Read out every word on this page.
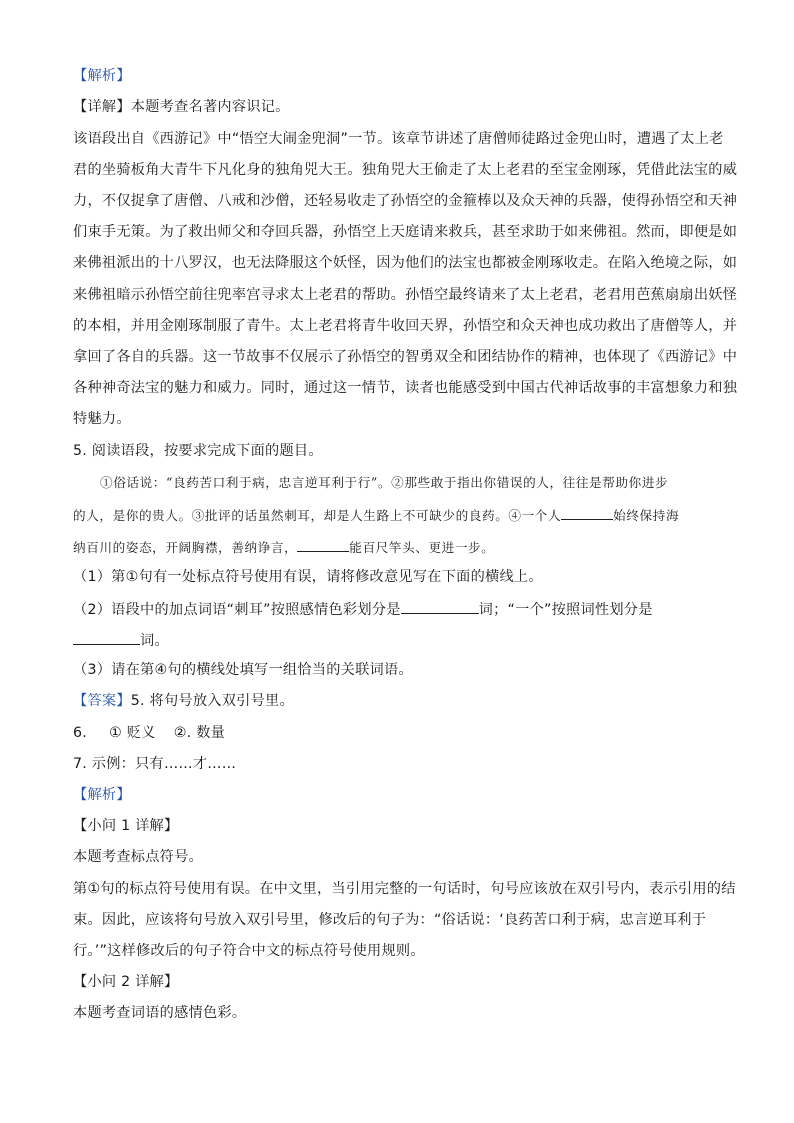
【解析】
【详解】本题考查名著内容识记。
该语段出自《西游记》中“悟空大闹金兜洞”一节。该章节讲述了唐僧师徒路过金兜山时，遭遇了太上老
君的坐骑板角大青牛下凡化身的独角兕大王。独角兕大王偷走了太上老君的至宝金刚琢，凭借此法宝的威
力，不仅捉拿了唐僧、八戒和沙僧，还轻易收走了孙悟空的金箍棒以及众天神的兵器，使得孙悟空和天神
们束手无策。为了救出师父和夺回兵器，孙悟空上天庭请来救兵，甚至求助于如来佛祖。然而，即便是如
来佛祖派出的十八罗汉，也无法降服这个妖怪，因为他们的法宝也都被金刚琢收走。在陷入绝境之际，如
来佛祖暗示孙悟空前往兜率宫寻求太上老君的帮助。孙悟空最终请来了太上老君，老君用芭蕉扇扇出妖怪
的本相，并用金刚琢制服了青牛。太上老君将青牛收回天界，孙悟空和众天神也成功救出了唐僧等人，并
拿回了各自的兵器。这一节故事不仅展示了孙悟空的智勇双全和团结协作的精神，也体现了《西游记》中
各种神奇法宝的魅力和威力。同时，通过这一情节，读者也能感受到中国古代神话故事的丰富想象力和独
特魅力。
5. 阅读语段，按要求完成下面的题目。
①俗话说：“良药苦口利于病，忠言逆耳利于行”。②那些敢于指出你错误的人，往往是帮助你进步
的人，是你的贵人。③批评的话虽然刺耳，却是人生路上不可缺少的良药。④一个人	始终保持海
纳百川的姿态，开阔胸襟，善纳诤言，	能百尺竿头、更进一步。
（1）第①句有一处标点符号使用有误，请将修改意见写在下面的横线上。
（2）语段中的加点词语“刺耳”按照感情色彩划分是	词；“一个”按照词性划分是
词。
（3）请在第④句的横线处填写一组恰当的关联词语。
【答案】5. 将句号放入双引号里。
6. ① 贬义 ②. 数量
7. 示例：只有……才……
【解析】
【小问 1 详解】
本题考查标点符号。
第①句的标点符号使用有误。在中文里，当引用完整的一句话时，句号应该放在双引号内，表示引用的结
束。因此，应该将句号放入双引号里，修改后的句子为：“俗话说：‘良药苦口利于病，忠言逆耳利于
行。’”这样修改后的句子符合中文的标点符号使用规则。
【小问 2 详解】
本题考查词语的感情色彩。
